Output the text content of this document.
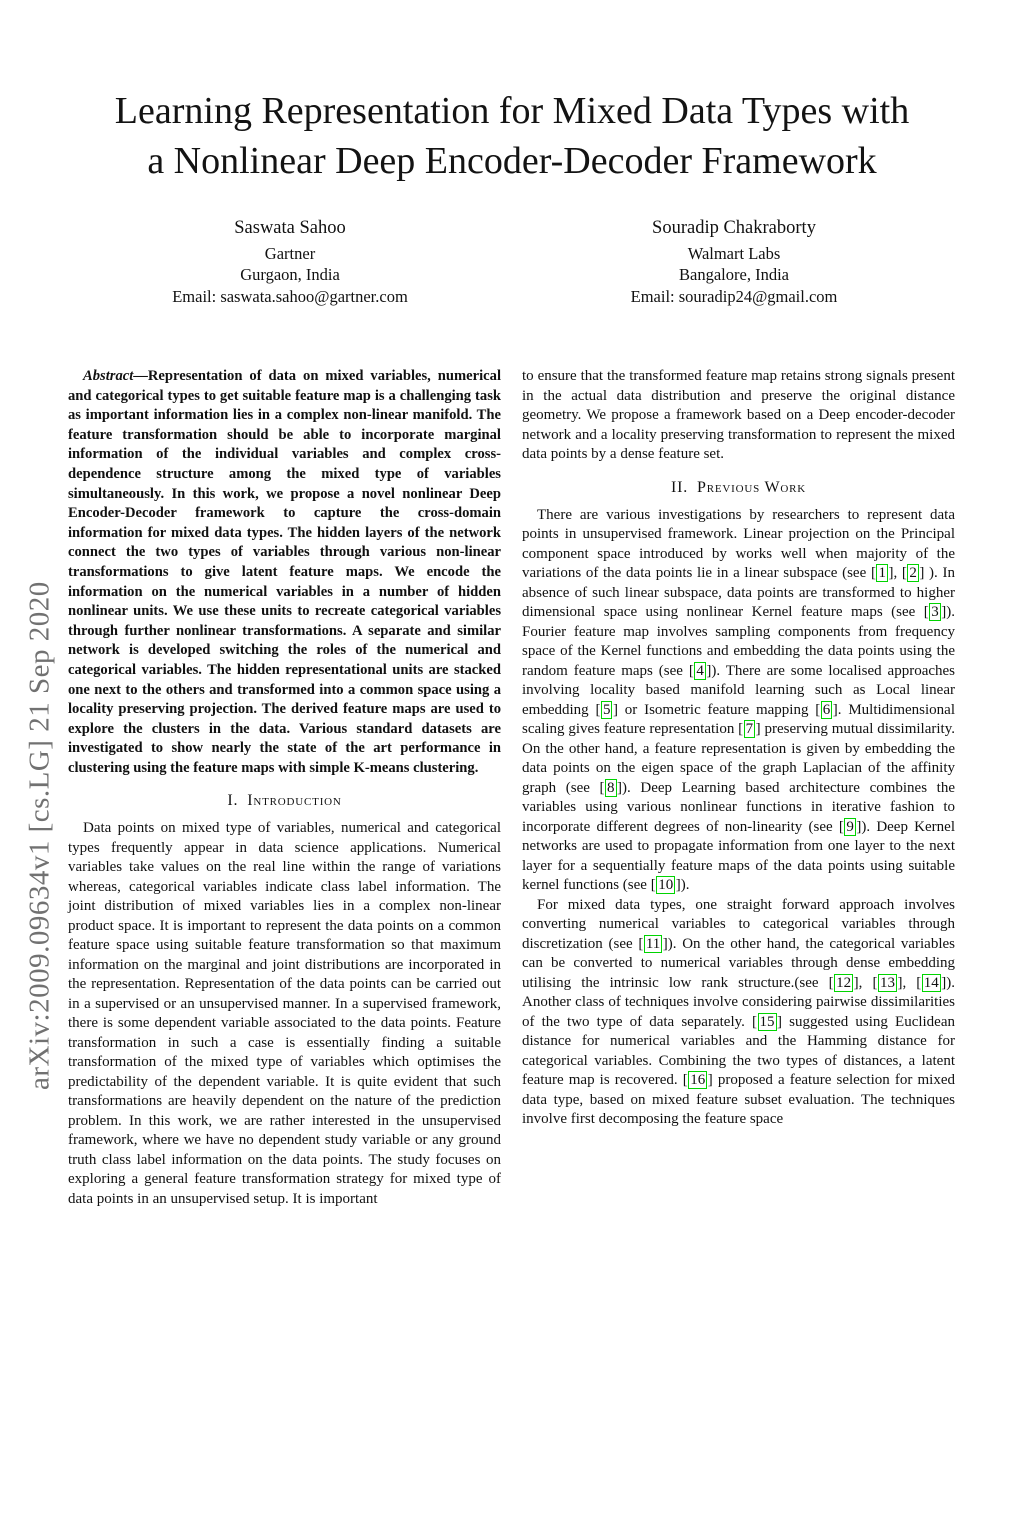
arXiv:2009.09634v1 [cs.LG] 21 Sep 2020
Learning Representation for Mixed Data Types with
a Nonlinear Deep Encoder-Decoder Framework
Saswata Sahoo
Gartner
Gurgaon, India
Email: saswata.sahoo@gartner.com
Souradip Chakraborty
Walmart Labs
Bangalore, India
Email: souradip24@gmail.com

Abstract—Representation of data on mixed variables, numerical and categorical types to get suitable feature map is a challenging task as important information lies in a complex non-linear manifold. The feature transformation should be able to incorporate marginal information of the individual variables and complex cross-dependence structure among the mixed type of variables simultaneously. In this work, we propose a novel nonlinear Deep Encoder-Decoder framework to capture the cross-domain information for mixed data types. The hidden layers of the network connect the two types of variables through various non-linear transformations to give latent feature maps. We encode the information on the numerical variables in a number of hidden nonlinear units. We use these units to recreate categorical variables through further nonlinear transformations. A separate and similar network is developed switching the roles of the numerical and categorical variables. The hidden representational units are stacked one next to the others and transformed into a common space using a locality preserving projection. The derived feature maps are used to explore the clusters in the data. Various standard datasets are investigated to show nearly the state of the art performance in clustering using the feature maps with simple K-means clustering.

I. Introduction

Data points on mixed type of variables, numerical and categorical types frequently appear in data science applications. Numerical variables take values on the real line within the range of variations whereas, categorical variables indicate class label information. The joint distribution of mixed variables lies in a complex non-linear product space. It is important to represent the data points on a common feature space using suitable feature transformation so that maximum information on the marginal and joint distributions are incorporated in the representation. Representation of the data points can be carried out in a supervised or an unsupervised manner. In a supervised framework, there is some dependent variable associated to the data points. Feature transformation in such a case is essentially finding a suitable transformation of the mixed type of variables which optimises the predictability of the dependent variable. It is quite evident that such transformations are heavily dependent on the nature of the prediction problem. In this work, we are rather interested in the unsupervised framework, where we have no dependent study variable or any ground truth class label information on the data points. The study focuses on exploring a general feature transformation strategy for mixed type of data points in an unsupervised setup. It is important

to ensure that the transformed feature map retains strong signals present in the actual data distribution and preserve the original distance geometry. We propose a framework based on a Deep encoder-decoder network and a locality preserving transformation to represent the mixed data points by a dense feature set.

II. Previous Work

There are various investigations by researchers to represent data points in unsupervised framework. Linear projection on the Principal component space introduced by works well when majority of the variations of the data points lie in a linear subspace (see [ 1 ], [ 2 ] ). In absence of such linear subspace, data points are transformed to higher dimensional space using nonlinear Kernel feature maps (see [ 3 ]). Fourier feature map involves sampling components from frequency space of the Kernel functions and embedding the data points using the random feature maps (see [ 4 ]). There are some localised approaches involving locality based manifold learning such as Local linear embedding [ 5 ] or Isometric feature mapping [ 6 ]. Multidimensional scaling gives feature representation [ 7 ] preserving mutual dissimilarity. On the other hand, a feature representation is given by embedding the data points on the eigen space of the graph Laplacian of the affinity graph (see [ 8 ]). Deep Learning based architecture combines the variables using various nonlinear functions in iterative fashion to incorporate different degrees of non-linearity (see [ 9 ]). Deep Kernel networks are used to propagate information from one layer to the next layer for a sequentially feature maps of the data points using suitable kernel functions (see [ 10 ]).

For mixed data types, one straight forward approach involves converting numerical variables to categorical variables through discretization (see [ 11 ]). On the other hand, the categorical variables can be converted to numerical variables through dense embedding utilising the intrinsic low rank structure.(see [ 12 ], [ 13 ], [ 14 ]). Another class of techniques involve considering pairwise dissimilarities of the two type of data separately. [ 15 ] suggested using Euclidean distance for numerical variables and the Hamming distance for categorical variables. Combining the two types of distances, a latent feature map is recovered. [ 16 ] proposed a feature selection for mixed data type, based on mixed feature subset evaluation. The techniques involve first decomposing the feature space
